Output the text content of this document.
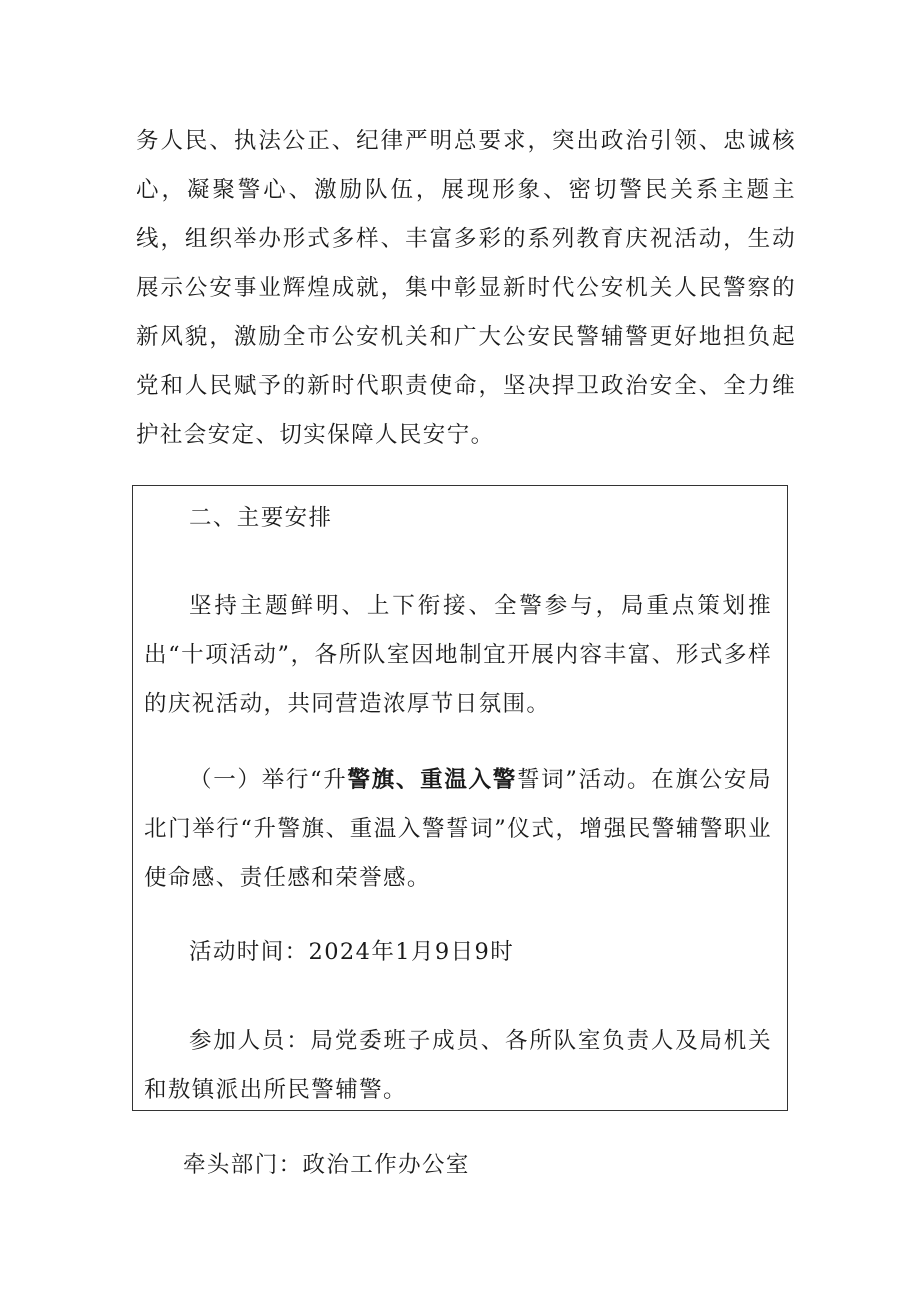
务人民、执法公正、纪律严明总要求，突出政治引领、忠诚核心，凝聚警心、激励队伍，展现形象、密切警民关系主题主线，组织举办形式多样、丰富多彩的系列教育庆祝活动，生动展示公安事业辉煌成就，集中彰显新时代公安机关人民警察的新风貌，激励全市公安机关和广大公安民警辅警更好地担负起党和人民赋予的新时代职责使命，坚决捍卫政治安全、全力维护社会安定、切实保障人民安宁。

二、主要安排

坚持主题鲜明、上下衔接、全警参与，局重点策划推出“十项活动”，各所队室因地制宜开展内容丰富、形式多样的庆祝活动，共同营造浓厚节日氛围。

（一）举行“升警旗、重温入警誓词”活动。在旗公安局北门举行“升警旗、重温入警誓词”仪式，增强民警辅警职业使命感、责任感和荣誉感。

活动时间：2024年1月9日9时

参加人员：局党委班子成员、各所队室负责人及局机关和敖镇派出所民警辅警。

牵头部门：政治工作办公室
